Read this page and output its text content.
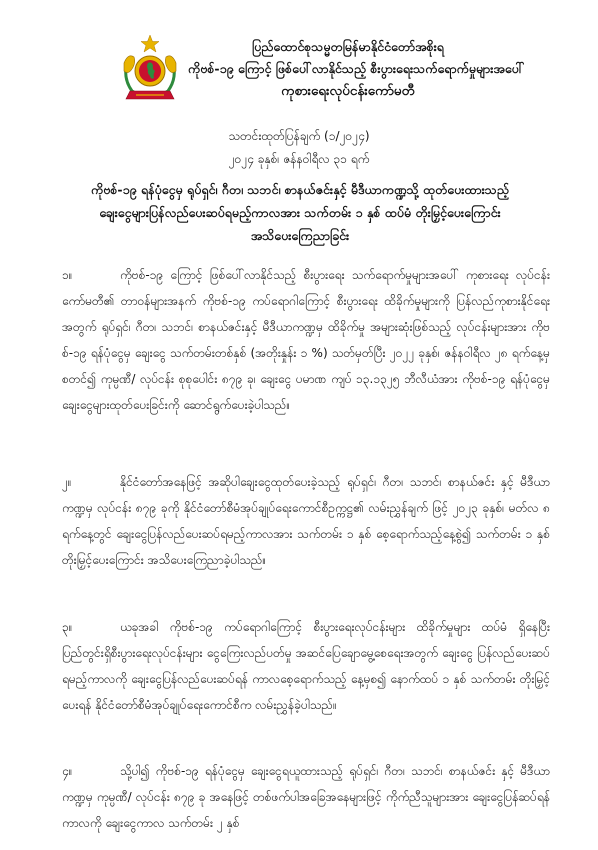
ပြည်ထောင်စုသမ္မတမြန်မာနိုင်ငံတော်အစိုးရ
ကိုဗစ်-၁၉ ကြောင့် ဖြစ်ပေါ်လာနိုင်သည့် စီးပွားရေးသက်ရောက်မှုများအပေါ်
ကုစားရေးလုပ်ငန်းကော်မတီ
သတင်းထုတ်ပြန်ချက် (၁/၂၀၂၄)
၂၀၂၄ ခုနှစ်၊ ဇန်နဝါရီလ ၃၁ ရက်
ကိုဗစ်-၁၉ ရန်ပုံငွေမှ ရုပ်ရှင်၊ ဂီတ၊ သဘင်၊ စာနယ်ဇင်းနှင့် မီဒီယာကဏ္ဍသို့ ထုတ်ပေးထားသည့်
ချေးငွေများပြန်လည်ပေးဆပ်ရမည့်ကာလအား သက်တမ်း ၁ နှစ် ထပ်မံ တိုးမြှင့်ပေးကြောင်း
အသိပေးကြေညာခြင်း
၁။	ကိုဗစ်-၁၉ ကြောင့် ဖြစ်ပေါ်လာနိုင်သည့် စီးပွားရေး သက်ရောက်မှုများအပေါ် ကုစားရေး လုပ်ငန်းကော်မတီ၏ တာဝန်များအနက် ကိုဗစ်-၁၉ ကပ်ရောဂါကြောင့် စီးပွားရေး ထိခိုက်မှုများကို ပြန်လည်ကုစားနိုင်ရေးအတွက် ရုပ်ရှင်၊ ဂီတ၊ သဘင်၊ စာနယ်ဇင်းနှင့် မီဒီယာကဏ္ဍမှ ထိခိုက်မှု အများဆုံးဖြစ်သည့် လုပ်ငန်းများအား ကိုဗစ်-၁၉ ရန်ပုံငွေမှ ချေးငွေ သက်တမ်းတစ်နှစ် (အတိုးနှုန်း ၁ %) သတ်မှတ်ပြီး ၂၀၂၂ ခုနှစ်၊ ဇန်နဝါရီလ ၂၈ ရက်နေ့မှစတင်၍ ကုမ္ပဏီ/ လုပ်ငန်း စုစုပေါင်း ၈၇၉ ခု၊ ချေးငွေ ပမာဏ ကျပ် ၁၃.၁၃၂၅ ဘီလီယံအား ကိုဗစ်-၁၉ ရန်ပုံငွေမှ ချေးငွေများထုတ်ပေးခြင်းကို ဆောင်ရွက်ပေးခဲ့ပါသည်။
၂။	နိုင်ငံတော်အနေဖြင့် အဆိုပါချေးငွေထုတ်ပေးခဲ့သည့် ရုပ်ရှင်၊ ဂီတ၊ သဘင်၊ စာနယ်ဇင်း နှင့် မီဒီယာကဏ္ဍမှ လုပ်ငန်း ၈၇၉ ခုကို နိုင်ငံတော်စီမံအုပ်ချုပ်ရေးကောင်စီဥက္ကဋ္ဌ၏ လမ်းညွှန်ချက် ဖြင့် ၂၀၂၃ ခုနှစ်၊ မတ်လ ၈ ရက်နေ့တွင် ချေးငွေပြန်လည်ပေးဆပ်ရမည့်ကာလအား သက်တမ်း ၁ နှစ် စေ့ရောက်သည့်နေ့စွဲ၍ သက်တမ်း ၁ နှစ် တိုးမြှင့်ပေးကြောင်း အသိပေးကြေညာခဲ့ပါသည်။
၃။	ယခုအခါ ကိုဗစ်-၁၉ ကပ်ရောဂါကြောင့် စီးပွားရေးလုပ်ငန်းများ ထိခိုက်မှုများ ထပ်မံ ရှိနေပြီး ပြည်တွင်းရှိစီးပွားရေးလုပ်ငန်းများ ငွေကြေးလည်ပတ်မှု အဆင်ပြေချောမွေ့စေရေးအတွက် ချေးငွေ ပြန်လည်ပေးဆပ်ရမည့်ကာလကို ချေးငွေပြန်လည်ပေးဆပ်ရန် ကာလစေ့ရောက်သည့် နေ့မှစ၍ နောက်ထပ် ၁ နှစ် သက်တမ်း တိုးမြှင့်ပေးရန် နိုင်ငံတော်စီမံအုပ်ချုပ်ရေးကောင်စီက လမ်းညွှန်ခဲ့ပါသည်။
၄။	သို့ပါ၍ ကိုဗစ်-၁၉ ရန်ပုံငွေမှ ချေးငွေရယူထားသည့် ရုပ်ရှင်၊ ဂီတ၊ သဘင်၊ စာနယ်ဇင်း နှင့် မီဒီယာကဏ္ဍမှ ကုမ္ပဏီ/ လုပ်ငန်း ၈၇၉ ခု အနေဖြင့် တစ်ဖက်ပါအခြေအနေများဖြင့် ကိုက်ညီသူများအား ချေးငွေပြန်ဆပ်ရန်ကာလကို ချေးငွေကာလ သက်တမ်း ၂ နှစ်
